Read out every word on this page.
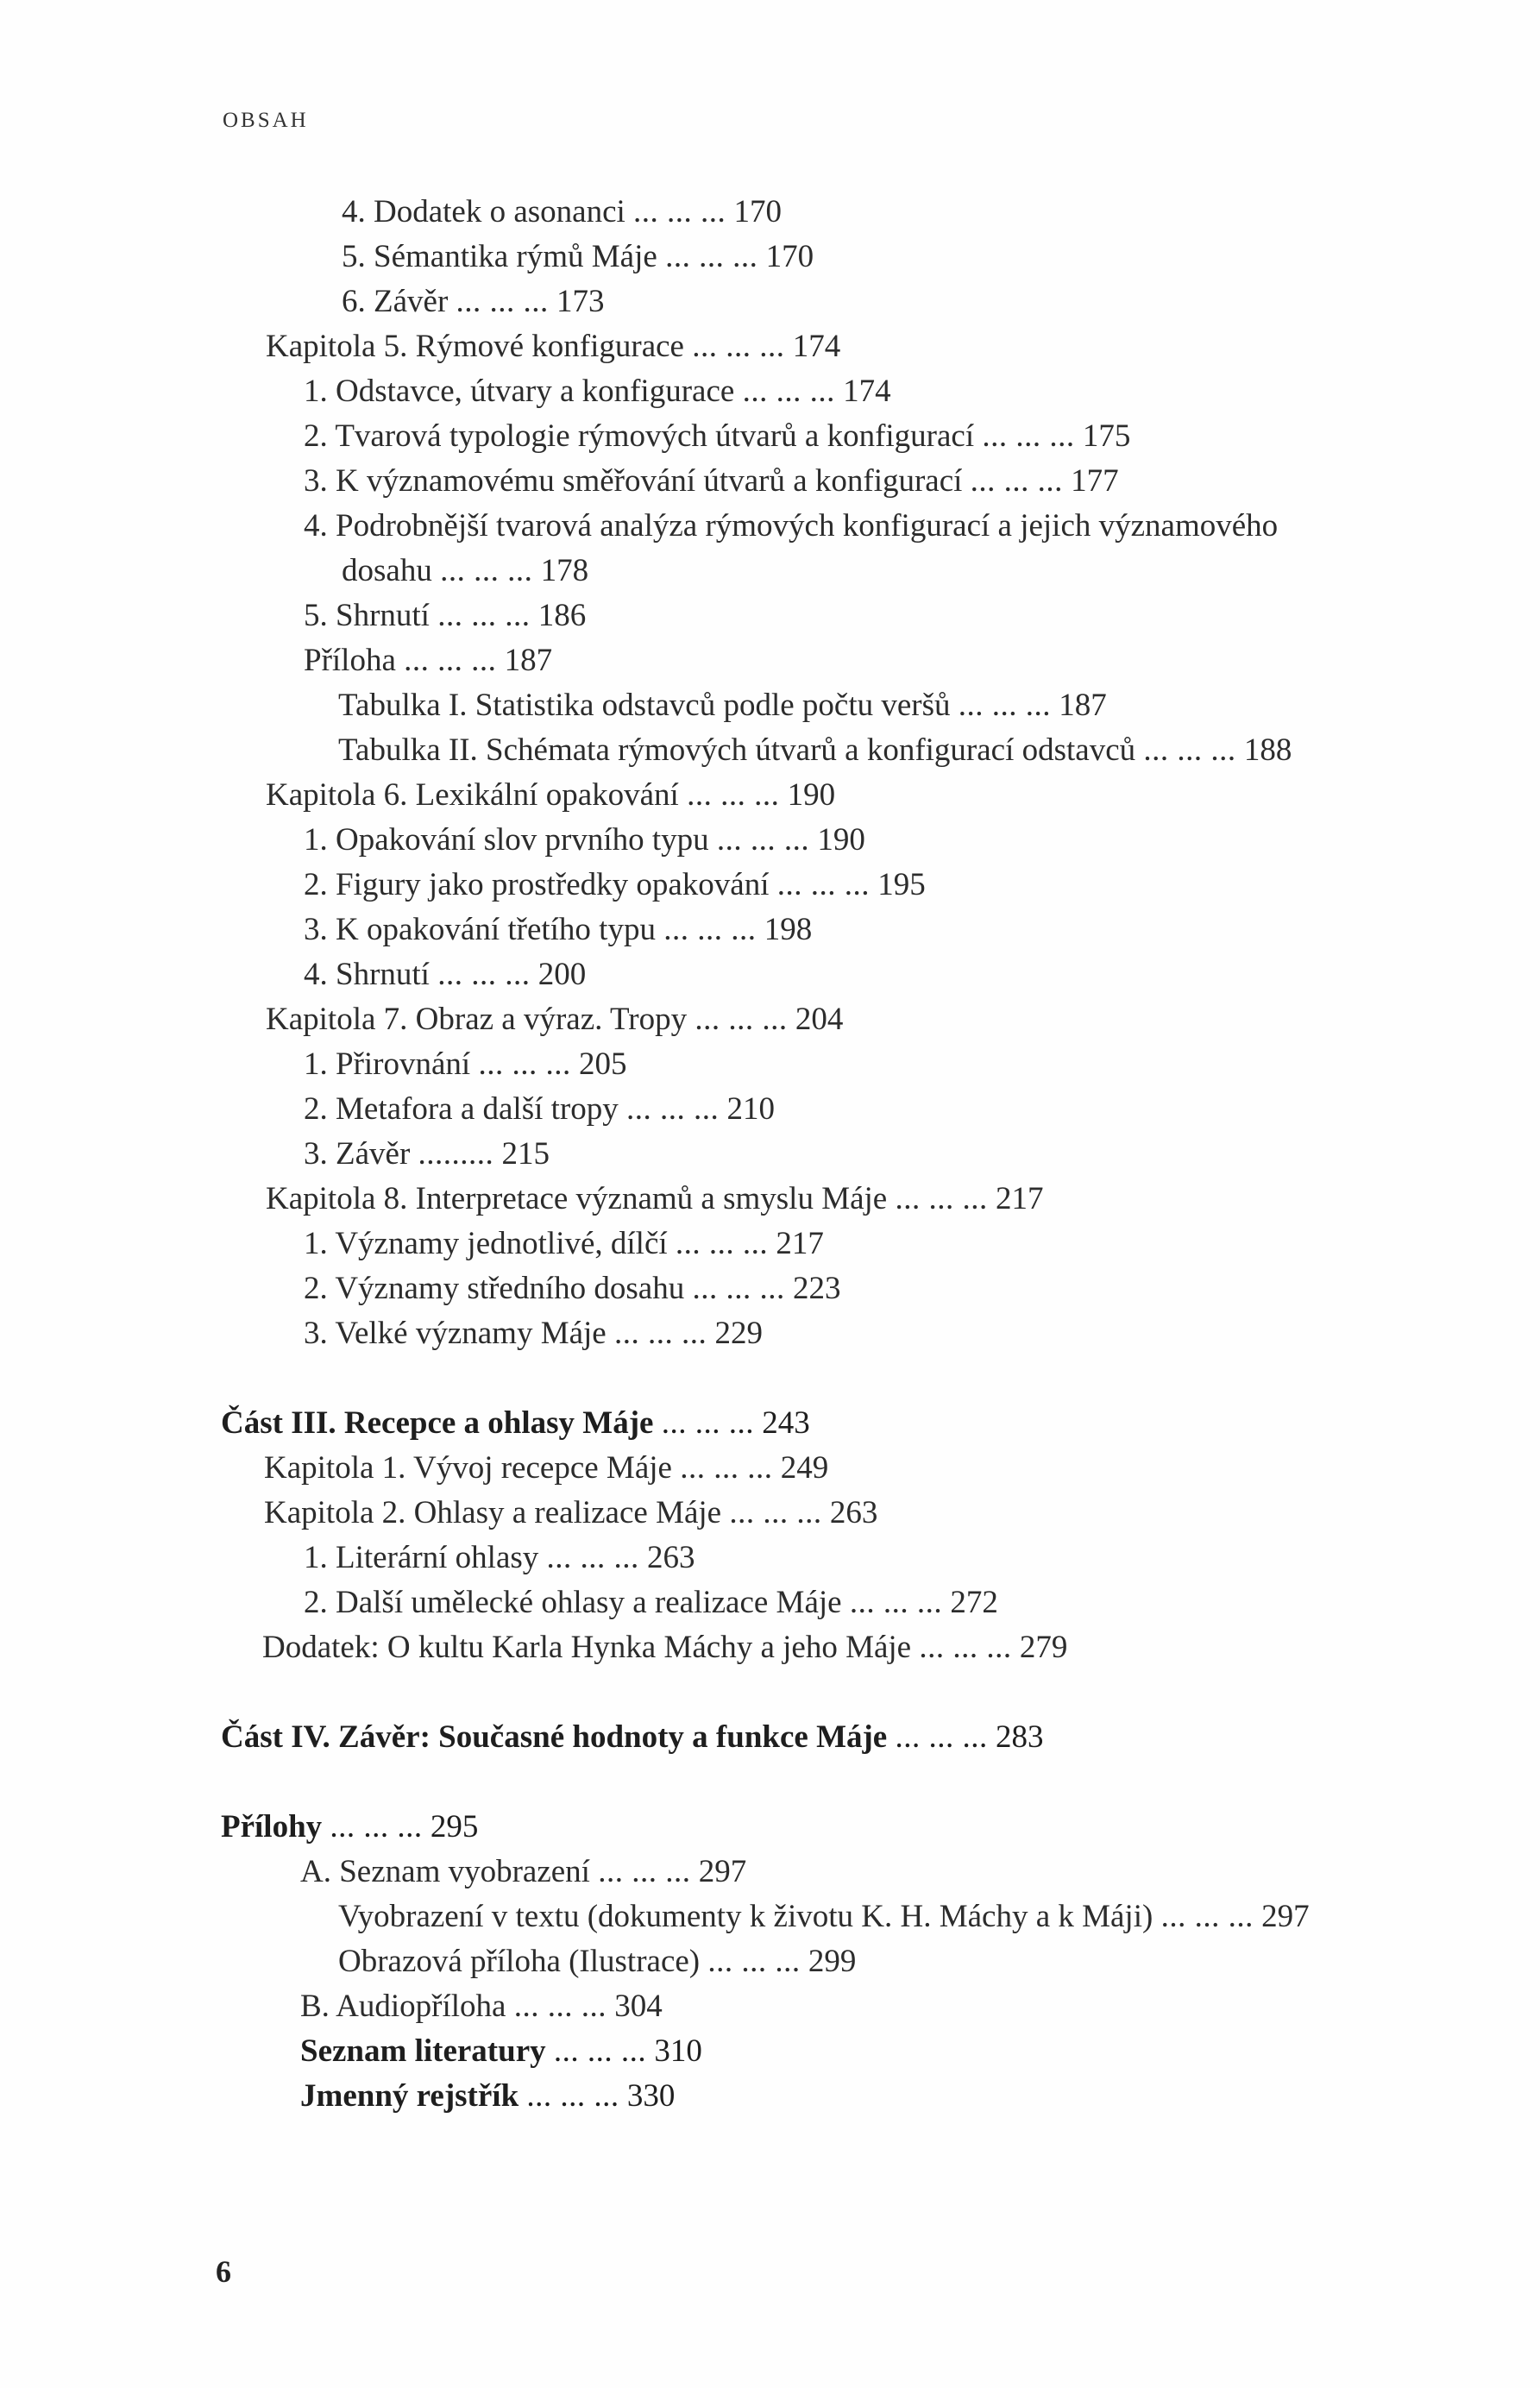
OBSAH
4. Dodatek o asonanci ... ... ... 170
5. Sémantika rýmů Máje ... ... ... 170
6. Závěr ... ... ... 173
Kapitola 5. Rýmové konfigurace ... ... ... 174
1. Odstavce, útvary a konfigurace ... ... ... 174
2. Tvarová typologie rýmových útvarů a konfigurací ... ... ... 175
3. K významovému směřování útvarů a konfigurací ... ... ... 177
4. Podrobnější tvarová analýza rýmových konfigurací a jejich významového
dosahu ... ... ... 178
5. Shrnutí ... ... ... 186
Příloha ... ... ... 187
Tabulka I. Statistika odstavců podle počtu veršů ... ... ... 187
Tabulka II. Schémata rýmových útvarů a konfigurací odstavců ... ... ... 188
Kapitola 6. Lexikální opakování ... ... ... 190
1. Opakování slov prvního typu ... ... ... 190
2. Figury jako prostředky opakování ... ... ... 195
3. K opakování třetího typu ... ... ... 198
4. Shrnutí ... ... ... 200
Kapitola 7. Obraz a výraz. Tropy ... ... ... 204
1. Přirovnání ... ... ... 205
2. Metafora a další tropy ... ... ... 210
3. Závěr ......... 215
Kapitola 8. Interpretace významů a smyslu Máje ... ... ... 217
1. Významy jednotlivé, dílčí ... ... ... 217
2. Významy středního dosahu ... ... ... 223
3. Velké významy Máje ... ... ... 229
Část III. Recepce a ohlasy Máje ... ... ... 243
Kapitola 1. Vývoj recepce Máje ... ... ... 249
Kapitola 2. Ohlasy a realizace Máje ... ... ... 263
1. Literární ohlasy ... ... ... 263
2. Další umělecké ohlasy a realizace Máje ... ... ... 272
Dodatek: O kultu Karla Hynka Máchy a jeho Máje ... ... ... 279
Část IV. Závěr: Současné hodnoty a funkce Máje ... ... ... 283
Přílohy ... ... ... 295
A. Seznam vyobrazení ... ... ... 297
Vyobrazení v textu (dokumenty k životu K. H. Máchy a k Máji) ... ... ... 297
Obrazová příloha (Ilustrace) ... ... ... 299
B. Audiopříloha ... ... ... 304
Seznam literatury ... ... ... 310
Jmenný rejstřík ... ... ... 330
6
